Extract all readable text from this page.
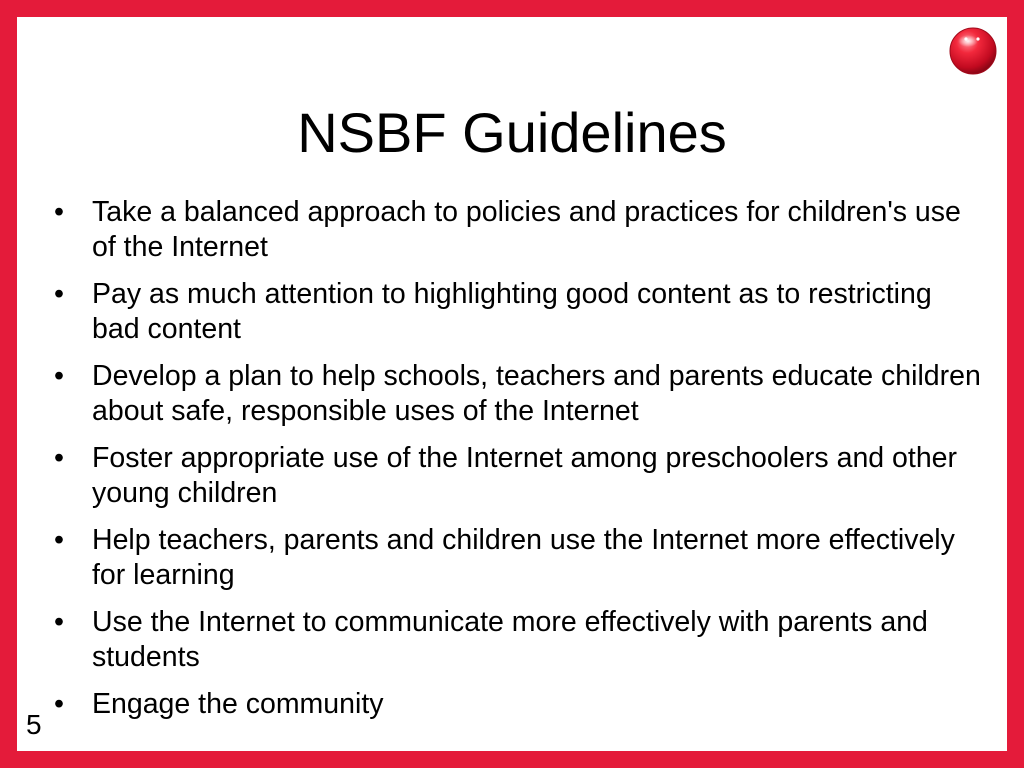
NSBF Guidelines
• Take a balanced approach to policies and practices for children's use of the Internet
• Pay as much attention to highlighting good content as to restricting bad content
• Develop a plan to help schools, teachers and parents educate children about safe, responsible uses of the Internet
• Foster appropriate use of the Internet among preschoolers and other young children
• Help teachers, parents and children use the Internet more effectively for learning
• Use the Internet to communicate more effectively with parents and students
• Engage the community
5
